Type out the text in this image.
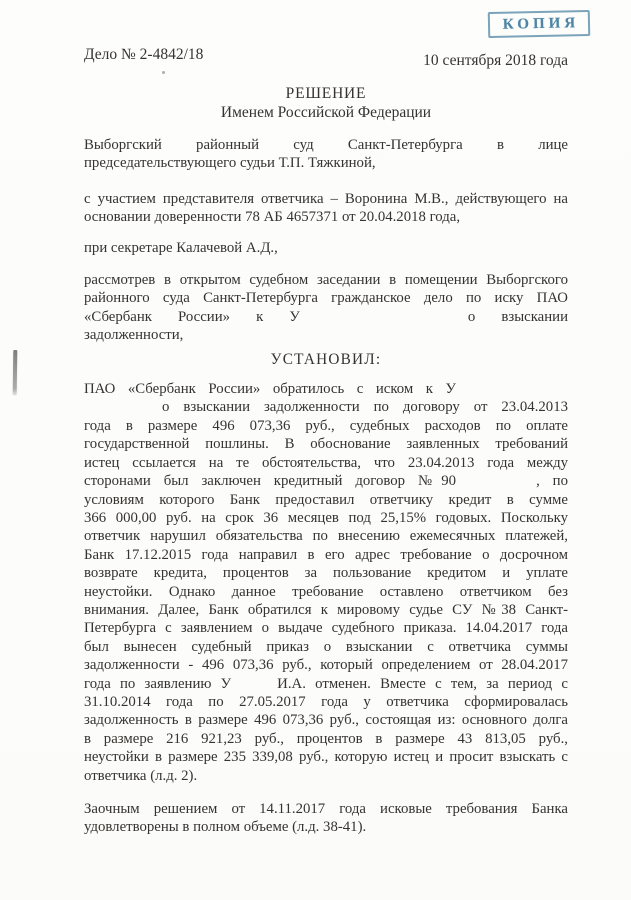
КОПИЯ
Дело № 2-4842/18	10 сентября 2018 года
РЕШЕНИЕ
Именем Российской Федерации
Выборгский районный суд Санкт-Петербурга в лице
председательствующего судьи Т.П. Тяжкиной,
с участием представителя ответчика – Воронина М.В., действующего на
основании доверенности 78 АБ 4657371 от 20.04.2018 года,
при секретаре Калачевой А.Д.,
рассмотрев в открытом судебном заседании в помещении Выборгского
районного суда Санкт-Петербурга гражданское дело по иску ПАО
«Сбербанк России» к У	о взыскании
задолженности,
УСТАНОВИЛ:
ПАО «Сбербанк России» обратилось с иском к У
о взыскании задолженности по договору от 23.04.2013
года в размере 496 073,36 руб., судебных расходов по оплате
государственной пошлины. В обоснование заявленных требований
истец ссылается на те обстоятельства, что 23.04.2013 года между
сторонами был заключен кредитный договор №90	, по
условиям которого Банк предоставил ответчику кредит в сумме
366 000,00 руб. на срок 36 месяцев под 25,15% годовых. Поскольку
ответчик нарушил обязательства по внесению ежемесячных платежей,
Банк 17.12.2015 года направил в его адрес требование о досрочном
возврате кредита, процентов за пользование кредитом и уплате
неустойки. Однако данное требование оставлено ответчиком без
внимания. Далее, Банк обратился к мировому судье СУ №38 Санкт-
Петербурга с заявлением о выдаче судебного приказа. 14.04.2017 года
был вынесен судебный приказ о взыскании с ответчика суммы
задолженности - 496 073,36 руб., который определением от 28.04.2017
года по заявлению У	И.А. отменен. Вместе с тем, за период с
31.10.2014 года по 27.05.2017 года у ответчика сформировалась
задолженность в размере 496 073,36 руб., состоящая из: основного долга
в размере 216 921,23 руб., процентов в размере 43 813,05 руб.,
неустойки в размере 235 339,08 руб., которую истец и просит взыскать с
ответчика (л.д. 2).
Заочным решением от 14.11.2017 года исковые требования Банка
удовлетворены в полном объеме (л.д. 38-41).
